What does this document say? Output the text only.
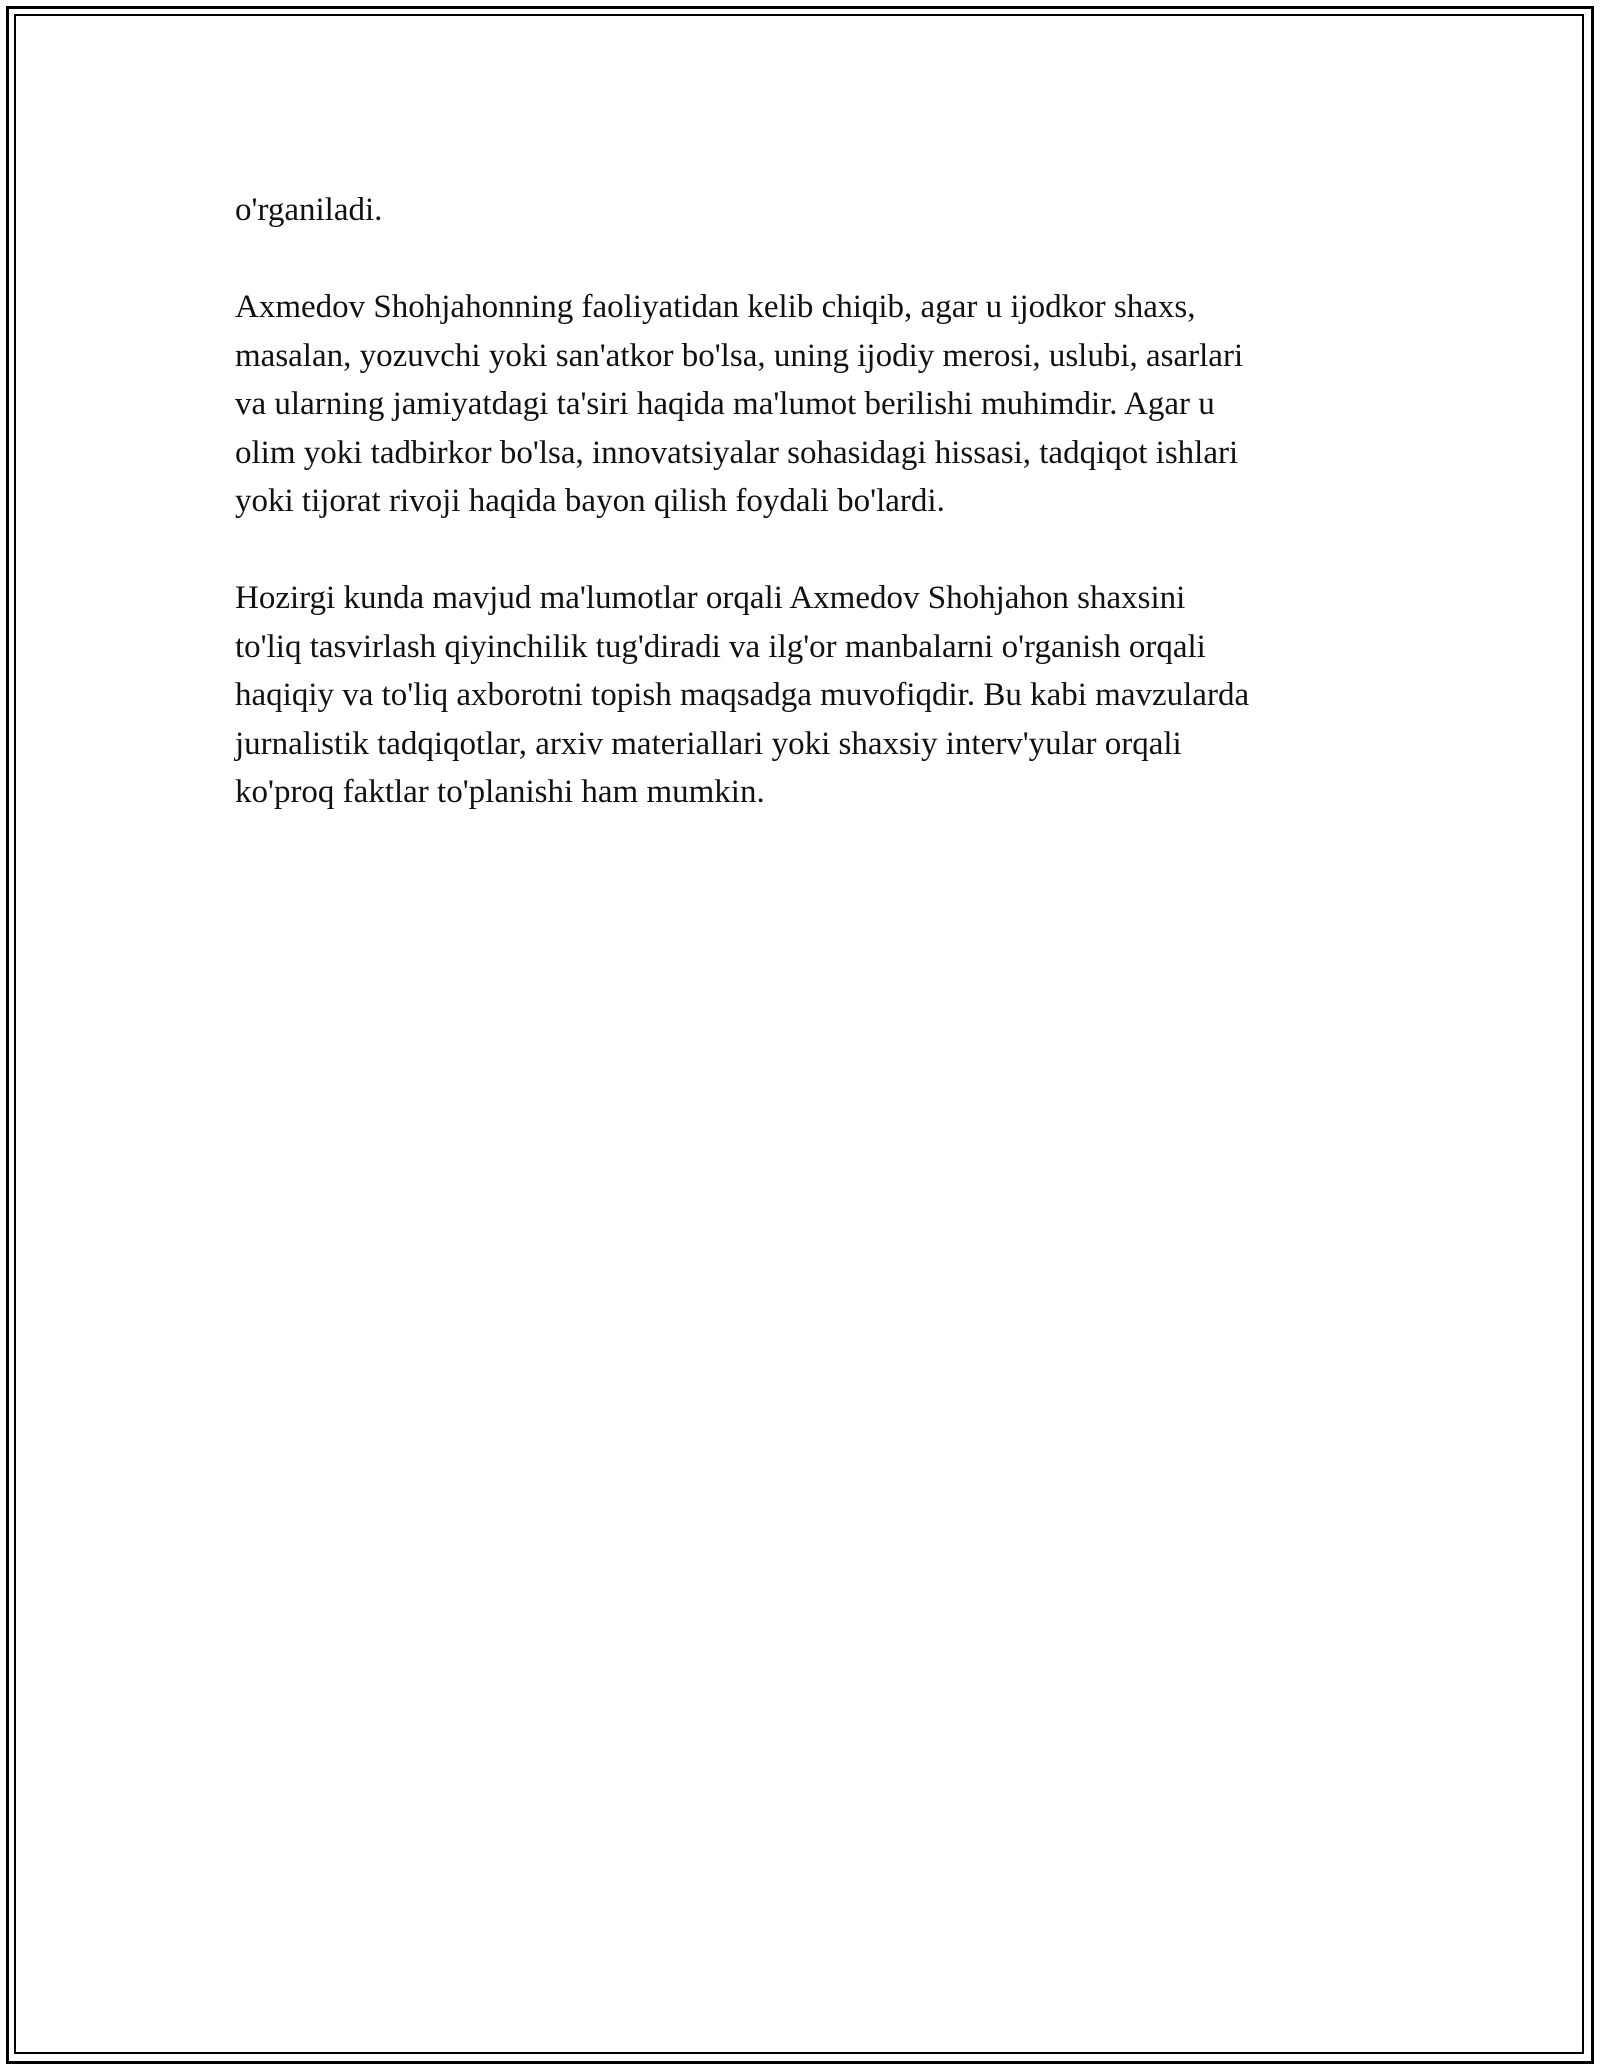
o'rganiladi.

Axmedov Shohjahonning faoliyatidan kelib chiqib, agar u ijodkor shaxs,
masalan, yozuvchi yoki san'atkor bo'lsa, uning ijodiy merosi, uslubi, asarlari
va ularning jamiyatdagi ta'siri haqida ma'lumot berilishi muhimdir. Agar u
olim yoki tadbirkor bo'lsa, innovatsiyalar sohasidagi hissasi, tadqiqot ishlari
yoki tijorat rivoji haqida bayon qilish foydali bo'lardi.

Hozirgi kunda mavjud ma'lumotlar orqali Axmedov Shohjahon shaxsini
to'liq tasvirlash qiyinchilik tug'diradi va ilg'or manbalarni o'rganish orqali
haqiqiy va to'liq axborotni topish maqsadga muvofiqdir. Bu kabi mavzularda
jurnalistik tadqiqotlar, arxiv materiallari yoki shaxsiy interv'yular orqali
ko'proq faktlar to'planishi ham mumkin.
